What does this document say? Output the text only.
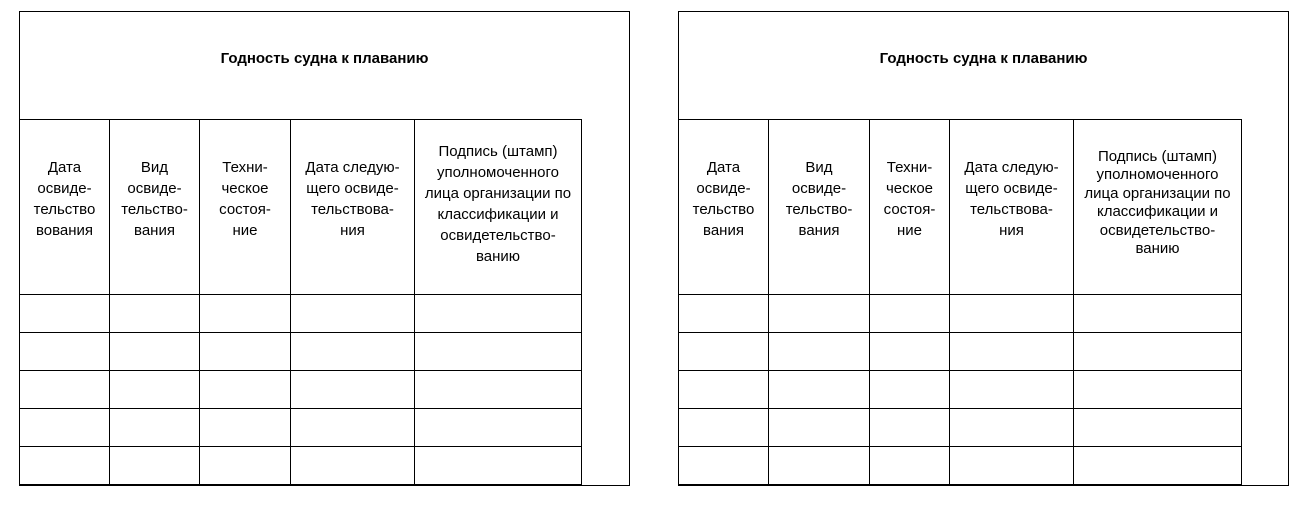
Годность судна к плаванию
Дата освиде-тельство вования	Вид освиде-тельство-вания	Техни-ческое состоя-ние	Дата следую-щего освиде-тельствова-ния	Подпись (штамп) уполномоченного лица организации по классификации и освидетельство-ванию

Годность судна к плаванию
Дата освиде-тельство вания	Вид освиде-тельство-вания	Техни-ческое состоя-ние	Дата следую-щего освиде-тельствова-ния	Подпись (штамп) уполномоченного лица организации по классификации и освидетельство-ванию
